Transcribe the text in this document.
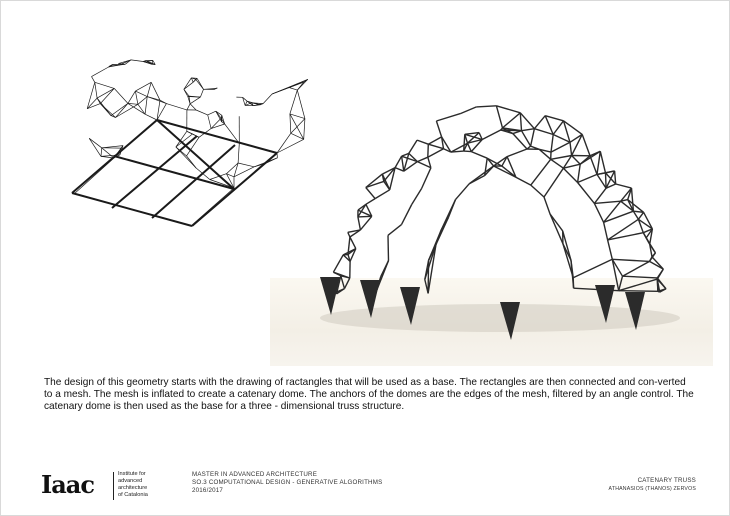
The design of this geometry starts with the drawing of ractangles that will be used as a base. The rectangles are then connected and con-verted to a mesh. The mesh is inflated to create a catenary dome. The anchors of the domes are the edges of the mesh, filtered by an angle control. The catenary dome is then used as the base for a three - dimensional truss structure.

Iaac	Institute for
advanced
architecture
of Catalonia
MASTER IN ADVANCED ARCHITECTURE
SO.3 COMPUTATIONAL DESIGN - GENERATIVE ALGORITHMS
2016/2017
CATENARY TRUSS
ATHANASIOS (THANOS) ZERVOS
